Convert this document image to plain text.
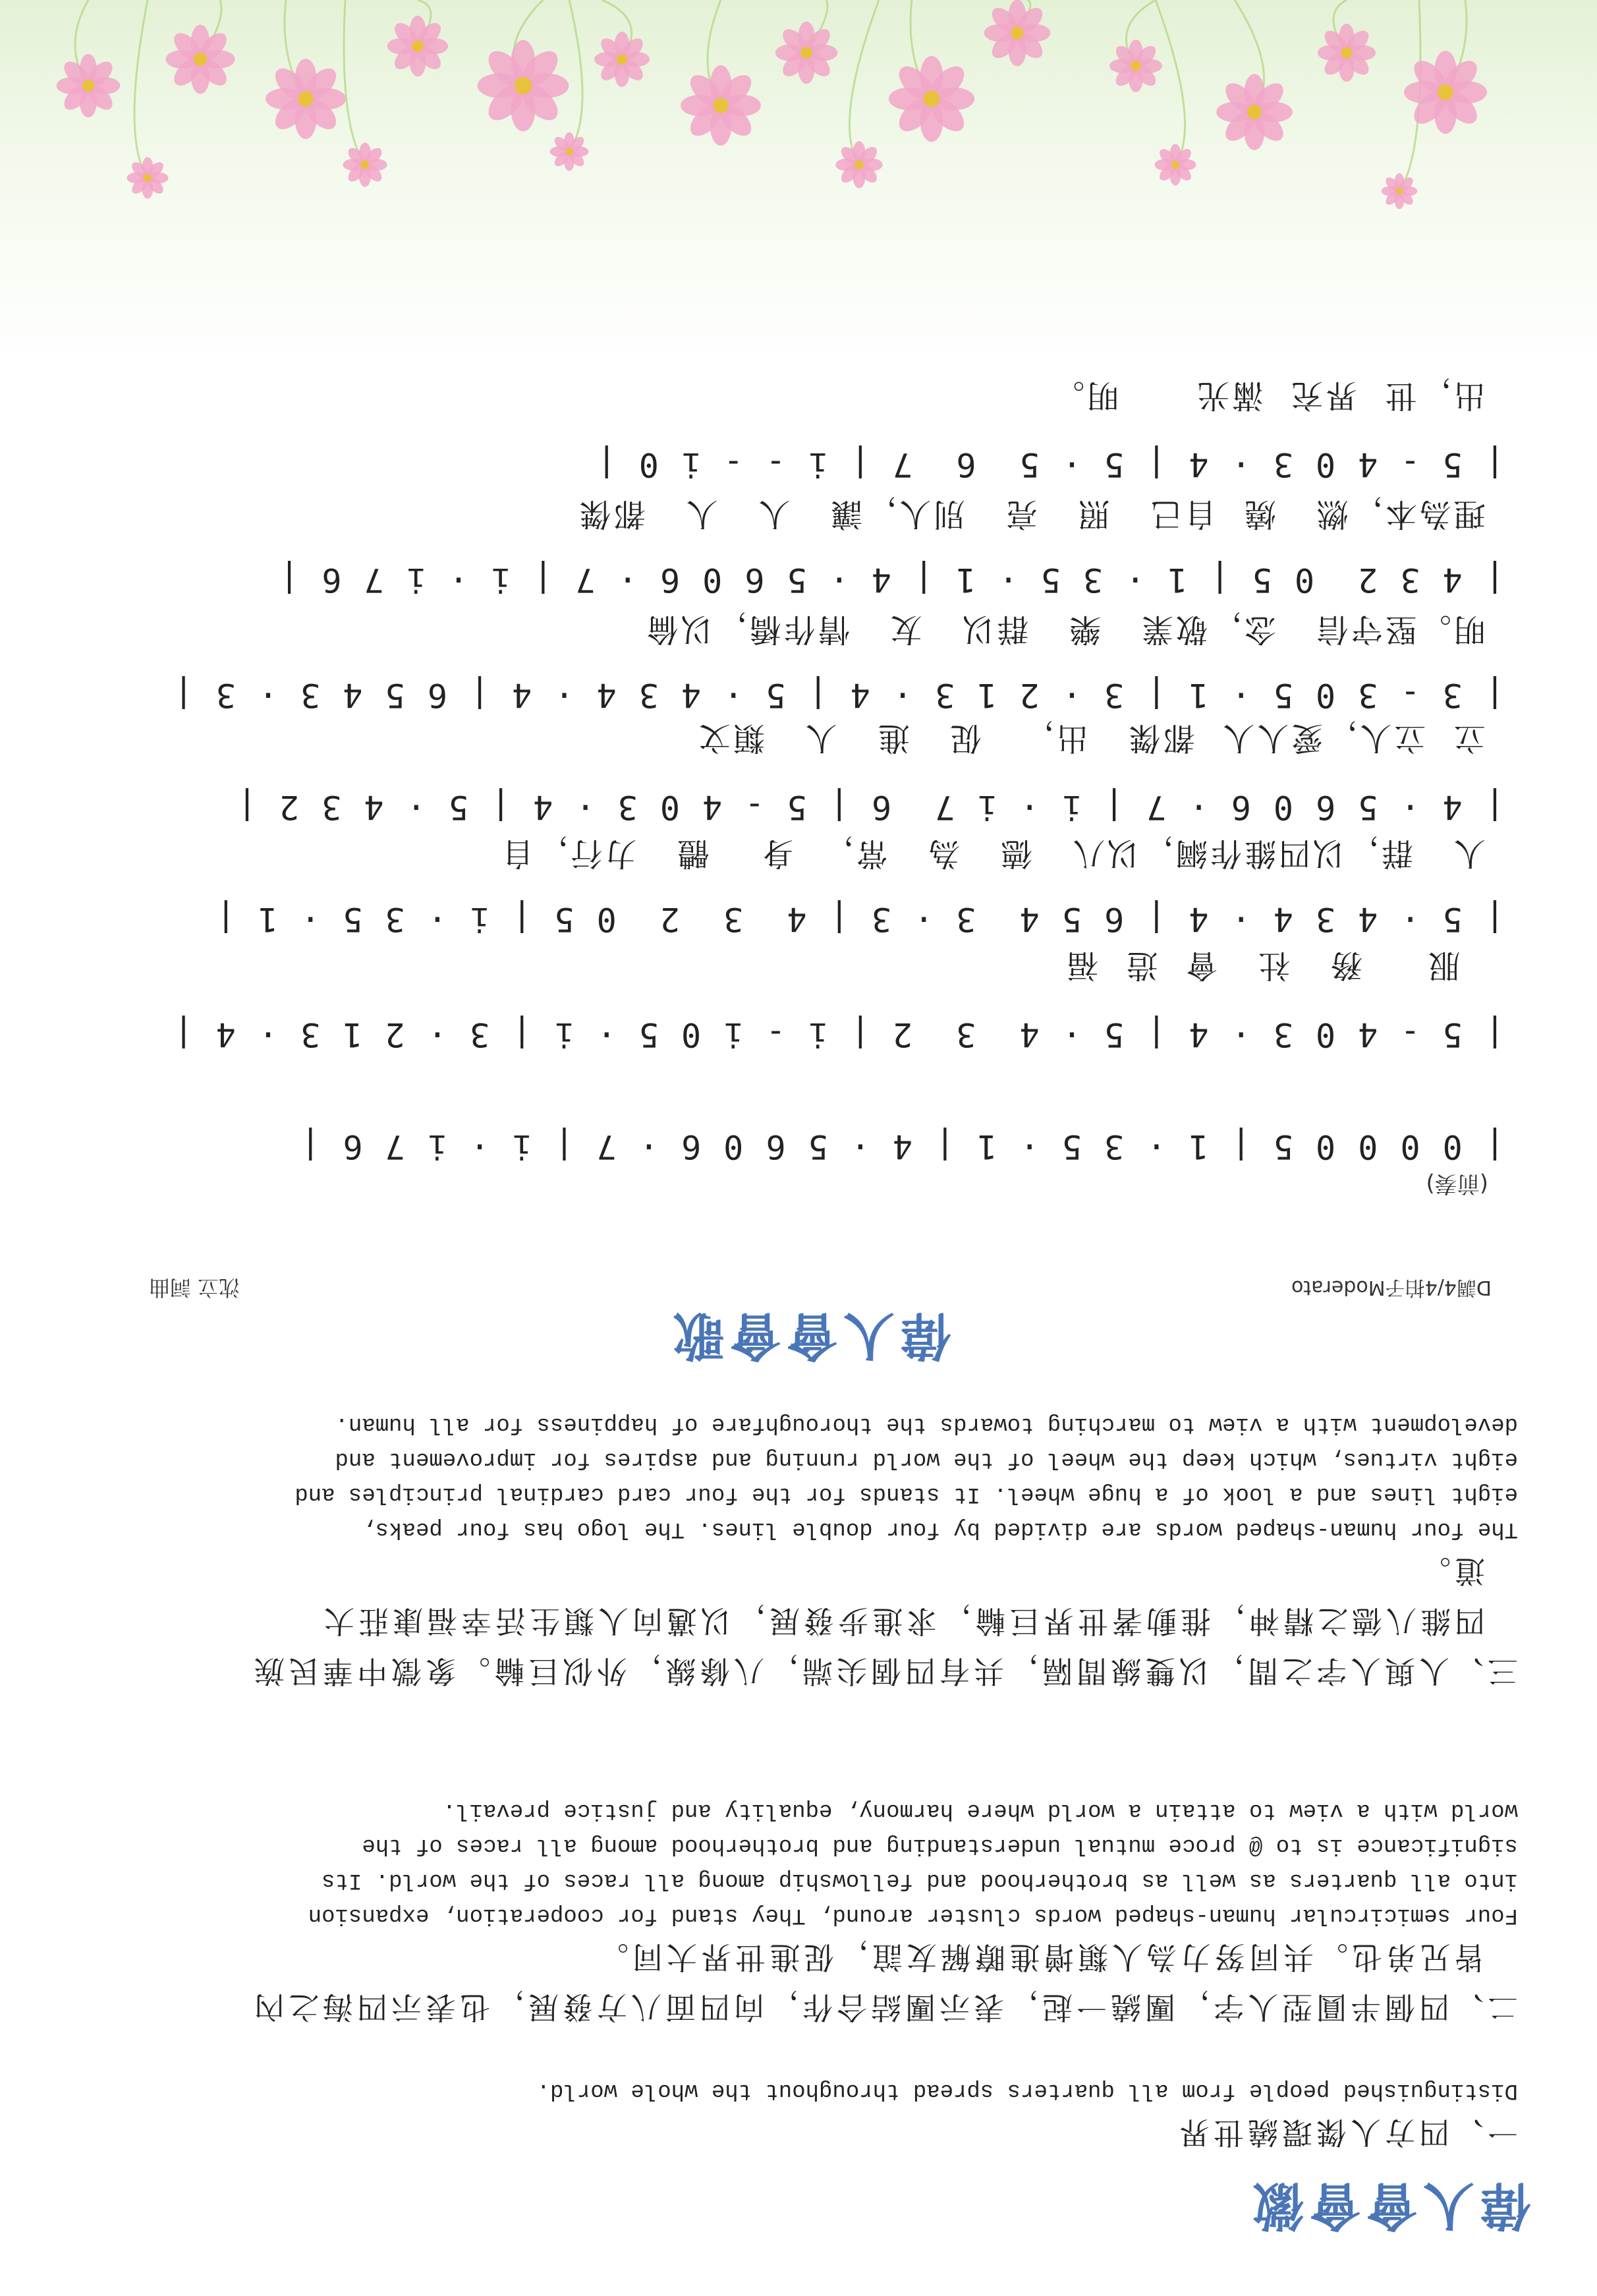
偉人會會徽

一、四方人傑環繞世界

Distinguished people from all quarters spread throughout the whole world.

二、四個半圓型人字，團繞一起，表示團結合作，向四面八方發展，也表示四海之內

皆兄弟也。共同努力為人類增進瞭解友誼，促進世界大同。

Four semicircular human-shaped words cluster around, They stand for cooperation, expansion

into all quarters as well as brotherhood and fellowship among all races of the world. Its

significance is to @ proce mutual understanding and brotherhood among all races of the

world with a view to attain a world where harmony, equality and justice prevail.

三、人與人字之間，以雙線間隔，共有四個尖端，八條線，外似巨輪。象徵中華民族

四維八德之精神，推動著世界巨輪，求進步發展，以邁向人類生活幸福康莊大

道。

The four human-shaped words are divided by four double lines. The logo has four peaks,

eight lines and a look of a huge wheel. It stands for the four card cardinal principles and

eight virtues, which keep the wheel of the world running and aspires for improvement and

development with a view to marching towards the thoroughfare of happiness for all human.

偉人會會歌
D調4/4拍子Moderato
沈立 詞曲
(前奏)
| 0 0 0 0 5 | 1 · 3 5 · 1 | 4 · 5 6 0 6 · 7 | i · i 7 6 |
| 5 - 4 0 3 · 4 | 5 · 4  3  2 | i - i 0 5 · i | 3 · 2 1 3 · 4 |
服     務   社   會  造  福
| 5 · 4 3 4 · 4 | 6 5 4  3 · 3 | 4  3  2  0 5 | i · 3 5 · 1 |
人   群，以四維作綱，以八   德   為   常，  身    體   力行，自
| 4 · 5 6 0 6 · 7 | i · i 7  6 | 5 - 4 0 3 · 4 | 5 · 4 3 2 |
立  立人，愛人人  都傑   出，   促   進   人   類文
| 3 - 3 0 5 · 1 | 3 · 2 1 3 · 4 | 5 · 4 3 4 · 4 | 6 5 4 3 · 3 |
明。堅守信   念，敬業   樂   群以   友   情作橋，以倫
| 4 3 2  0 5 | 1 · 3 5 · 1 | 4 · 5 6 0 6 · 7 | i · i 7 6 |
理為本，燃   燒  自己   照   亮   別人，讓   人   人   都傑
| 5 - 4 0 3 · 4 | 5 · 5  6  7 | i - - i 0 |
出，世  界充  滿光      明。
